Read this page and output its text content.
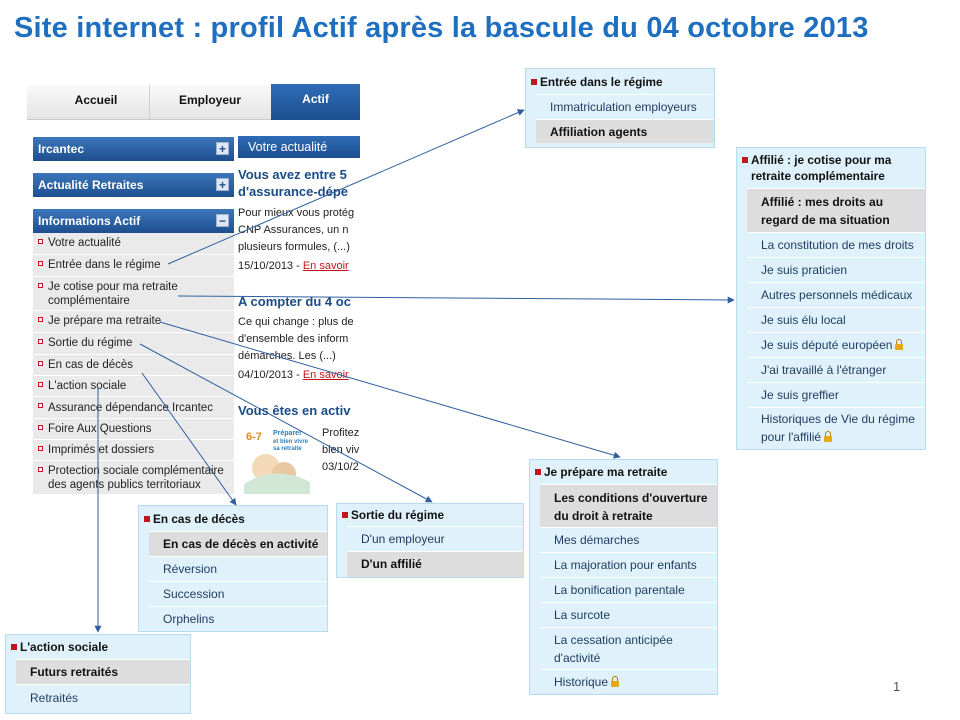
Site internet : profil Actif après la bascule du 04 octobre 2013
Accueil	Employeur	Actif
Ircantec	+
Actualité Retraites	+
Informations Actif	−
Votre actualité
Entrée dans le régime
Je cotise pour ma retraite complémentaire
Je prépare ma retraite
Sortie du régime
En cas de décès
L'action sociale
Assurance dépendance Ircantec
Foire Aux Questions
Imprimés et dossiers
Protection sociale complémentaire des agents publics territoriaux
Votre actualité
Vous avez entre 5
d'assurance-dépe
Pour mieux vous protég
CNP Assurances, un n
plusieurs formules, (...)
15/10/2013 - En savoir
A compter du 4 oc
Ce qui change : plus de
d'ensemble des inform
démarches. Les (...)
04/10/2013 - En savoir
Vous êtes en activ
6-7 Préparer
et bien vivre
sa retraite
Profitez
bien viv
03/10/2
Entrée dans le régime
Immatriculation employeurs
Affiliation agents
Affilié : je cotise pour ma
retraite complémentaire
Affilié : mes droits au
regard de ma situation
La constitution de mes droits
Je suis praticien
Autres personnels médicaux
Je suis élu local
Je suis député européen
J'ai travaillé à l'étranger
Je suis greffier
Historiques de Vie du régime
pour l'affilié
En cas de décès
En cas de décès en activité
Réversion
Succession
Orphelins
Sortie du régime
D'un employeur
D'un affilié
Je prépare ma retraite
Les conditions d'ouverture
du droit à retraite
Mes démarches
La majoration pour enfants
La bonification parentale
La surcote
La cessation anticipée
d'activité
Historique
L'action sociale
Futurs retraités
Retraités
1
